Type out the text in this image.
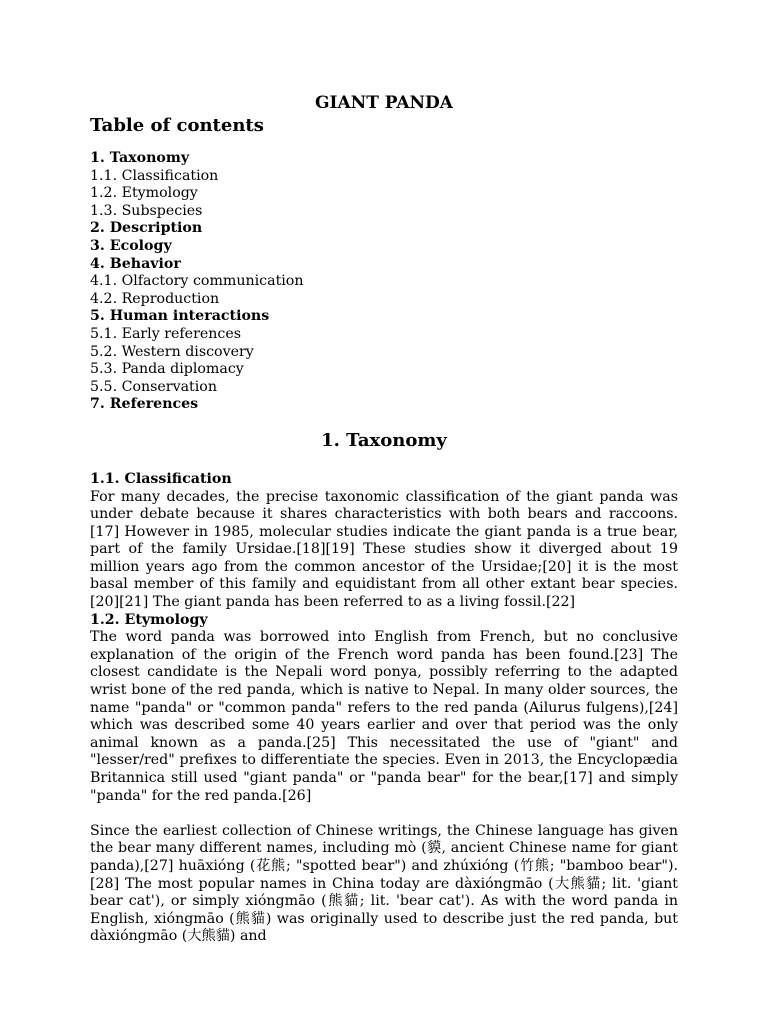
GIANT PANDA
Table of contents
1. Taxonomy
1.1. Classification
1.2. Etymology
1.3. Subspecies
2. Description
3. Ecology
4. Behavior
4.1. Olfactory communication
4.2. Reproduction
5. Human interactions
5.1. Early references
5.2. Western discovery
5.3. Panda diplomacy
5.5. Conservation
7. References
1. Taxonomy

1.1. Classification

For many decades, the precise taxonomic classification of the giant panda was under debate because it shares characteristics with both bears and raccoons.[17] However in 1985, molecular studies indicate the giant panda is a true bear, part of the family Ursidae.[18][19] These studies show it diverged about 19 million years ago from the common ancestor of the Ursidae;[20] it is the most basal member of this family and equidistant from all other extant bear species.[20][21] The giant panda has been referred to as a living fossil.[22]

1.2. Etymology

The word panda was borrowed into English from French, but no conclusive explanation of the origin of the French word panda has been found.[23] The closest candidate is the Nepali word ponya, possibly referring to the adapted wrist bone of the red panda, which is native to Nepal. In many older sources, the name "panda" or "common panda" refers to the red panda (Ailurus fulgens),[24] which was described some 40 years earlier and over that period was the only animal known as a panda.[25] This necessitated the use of "giant" and "lesser/red" prefixes to differentiate the species. Even in 2013, the Encyclopædia Britannica still used "giant panda" or "panda bear" for the bear,[17] and simply "panda" for the red panda.[26]

Since the earliest collection of Chinese writings, the Chinese language has given the bear many different names, including mò (貘, ancient Chinese name for giant panda),[27] huāxióng (花熊; "spotted bear") and zhúxióng (竹熊; "bamboo bear").[28] The most popular names in China today are dàxióngmāo (大熊貓; lit. 'giant bear cat'), or simply xióngmāo (熊貓; lit. 'bear cat'). As with the word panda in English, xióngmāo (熊貓) was originally used to describe just the red panda, but dàxióngmāo (大熊貓) and
